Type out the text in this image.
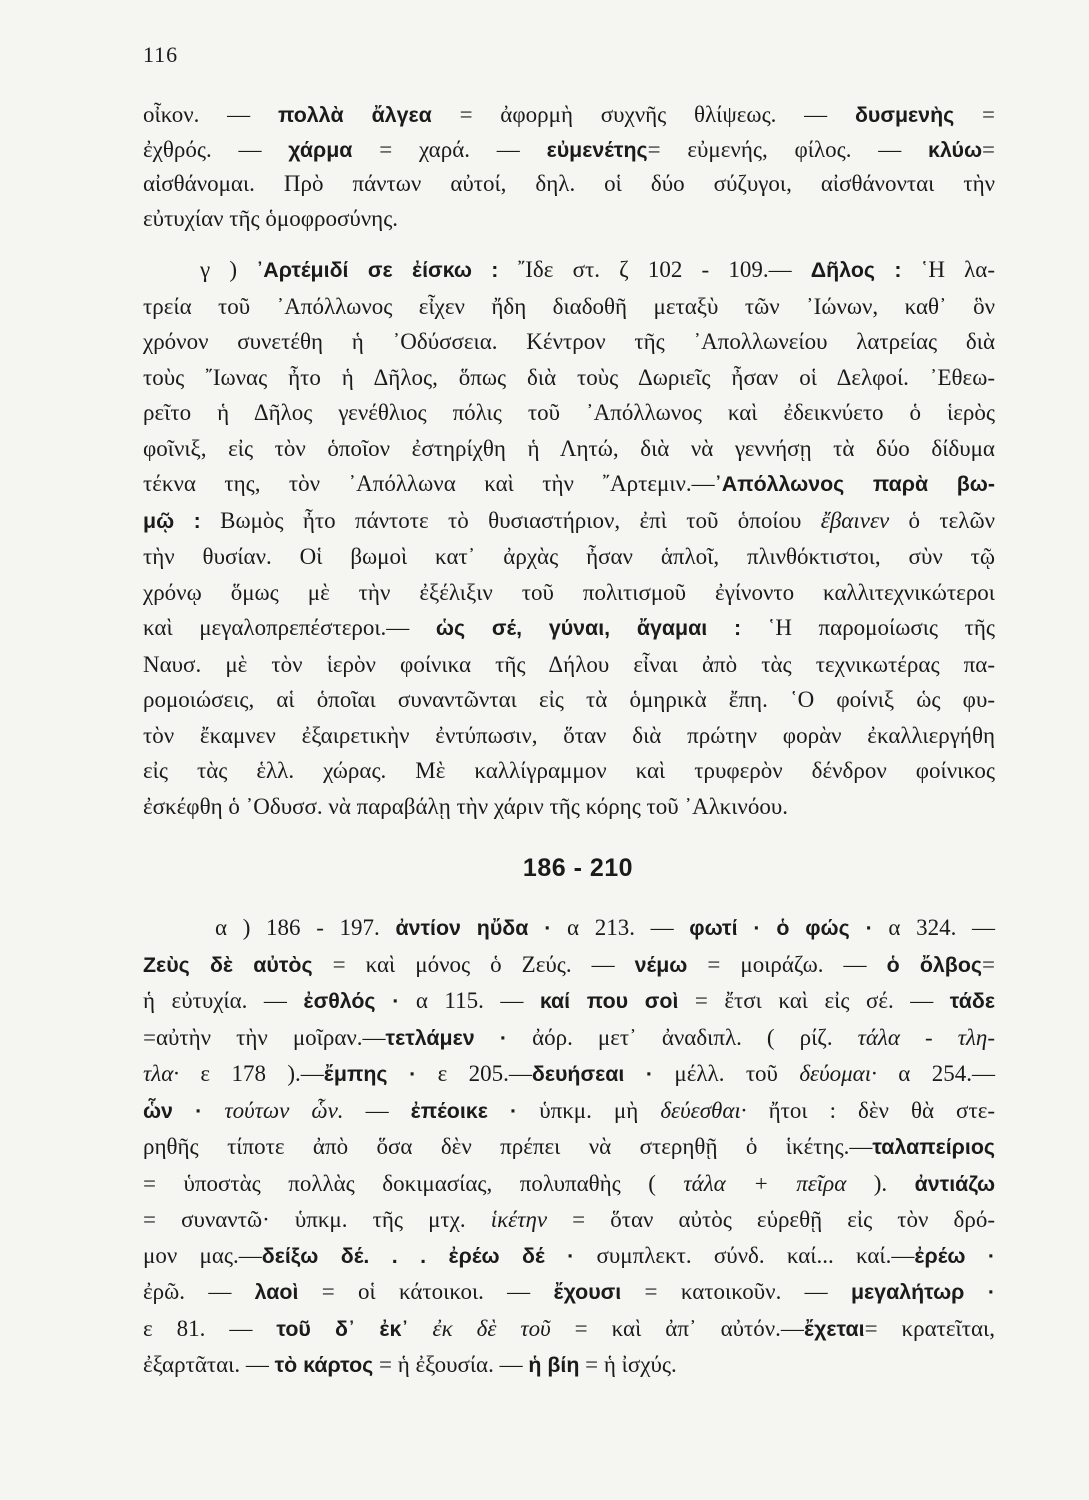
116
οἶκον. — πολλὰ ἄλγεα = ἀφορμὴ συχνῆς θλίψεως. — δυσμενὴς =
ἐχθρός. — χάρμα = χαρά. — εὐμενέτης= εὐμενής, φίλος. — κλύω=
αἰσθάνομαι. Πρὸ πάντων αὐτοί, δηλ. οἱ δύο σύζυγοι, αἰσθάνονται τὴν
εὐτυχίαν τῆς ὁμοφροσύνης.
γ ) ᾽Αρτέμιδί σε ἐίσκω : ῎Ιδε στ. ζ 102 - 109.— Δῆλος : ῾Η λα-
τρεία τοῦ ᾽Απόλλωνος εἶχεν ἤδη διαδοθῆ μεταξὺ τῶν ᾽Ιώνων, καθ᾽ ὃν
χρόνον συνετέθη ἡ ᾽Οδύσσεια. Κέντρον τῆς ᾽Απολλωνείου λατρείας διὰ
τοὺς ῎Ιωνας ἦτο ἡ Δῆλος, ὅπως διὰ τοὺς Δωριεῖς ἦσαν οἱ Δελφοί. ᾽Εθεω-
ρεῖτο ἡ Δῆλος γενέθλιος πόλις τοῦ ᾽Απόλλωνος καὶ ἐδεικνύετο ὁ ἱερὸς
φοῖνιξ, εἰς τὸν ὁποῖον ἐστηρίχθη ἡ Λητώ, διὰ νὰ γεννήσῃ τὰ δύο δίδυμα
τέκνα της, τὸν ᾽Απόλλωνα καὶ τὴν ῎Αρτεμιν.—᾽Απόλλωνος παρὰ βω-
μῷ : Βωμὸς ἦτο πάντοτε τὸ θυσιαστήριον, ἐπὶ τοῦ ὁποίου ἔβαινεν ὁ τελῶν
τὴν θυσίαν. Οἱ βωμοὶ κατ᾽ ἀρχὰς ἦσαν ἁπλοῖ, πλινθόκτιστοι, σὺν τῷ
χρόνῳ ὅμως μὲ τὴν ἐξέλιξιν τοῦ πολιτισμοῦ ἐγίνοντο καλλιτεχνικώτεροι
καὶ μεγαλοπρεπέστεροι.— ὡς σέ, γύναι, ἄγαμαι : ῾Η παρομοίωσις τῆς
Ναυσ. μὲ τὸν ἱερὸν φοίνικα τῆς Δήλου εἶναι ἀπὸ τὰς τεχνικωτέρας πα-
ρομοιώσεις, αἱ ὁποῖαι συναντῶνται εἰς τὰ ὁμηρικὰ ἔπη. ῾Ο φοίνιξ ὡς φυ-
τὸν ἔκαμνεν ἐξαιρετικὴν ἐντύπωσιν, ὅταν διὰ πρώτην φορὰν ἐκαλλιεργήθη
εἰς τὰς ἑλλ. χώρας. Μὲ καλλίγραμμον καὶ τρυφερὸν δένδρον φοίνικος
ἐσκέφθη ὁ ᾽Οδυσσ. νὰ παραβάλῃ τὴν χάριν τῆς κόρης τοῦ ᾽Αλκινόου.
186 - 210
α ) 186 - 197. ἀντίον ηὔδα · α 213. — φωτί · ὁ φώς · α 324. —
Ζεὺς δὲ αὐτὸς = καὶ μόνος ὁ Ζεύς. — νέμω = μοιράζω. — ὁ ὄλβος=
ἡ εὐτυχία. — ἐσθλός · α 115. — καί που σοὶ = ἔτσι καὶ εἰς σέ. — τάδε
=αὐτὴν τὴν μοῖραν.—τετλάμεν · ἀόρ. μετ᾽ ἀναδιπλ. ( ρίζ. τάλα - τλη-
τλα· ε 178 ).—ἔμπης · ε 205.—δευήσεαι · μέλλ. τοῦ δεύομαι· α 254.—
ὧν · τούτων ὧν. — ἐπέοικε · ὑπκμ. μὴ δεύεσθαι· ἤτοι : δὲν θὰ στε-
ρηθῆς τίποτε ἀπὸ ὅσα δὲν πρέπει νὰ στερηθῇ ὁ ἱκέτης.—ταλαπείριος
= ὑποστὰς πολλὰς δοκιμασίας, πολυπαθὴς ( τάλα + πεῖρα ). ἀντιάζω
= συναντῶ· ὑπκμ. τῆς μτχ. ἱκέτην = ὅταν αὐτὸς εὑρεθῇ εἰς τὸν δρό-
μον μας.—δείξω δέ. . . ἐρέω δέ · συμπλεκτ. σύνδ. καί... καί.—ἐρέω ·
ἐρῶ. — λαοὶ = οἱ κάτοικοι. — ἔχουσι = κατοικοῦν. — μεγαλήτωρ ·
ε 81. — τοῦ δ᾽ ἐκ᾽ ἐκ δὲ τοῦ = καὶ ἀπ᾽ αὐτόν.—ἔχεται= κρατεῖται,
ἐξαρτᾶται. — τὸ κάρτος = ἡ ἐξουσία. — ἡ βίη = ἡ ἰσχύς.
